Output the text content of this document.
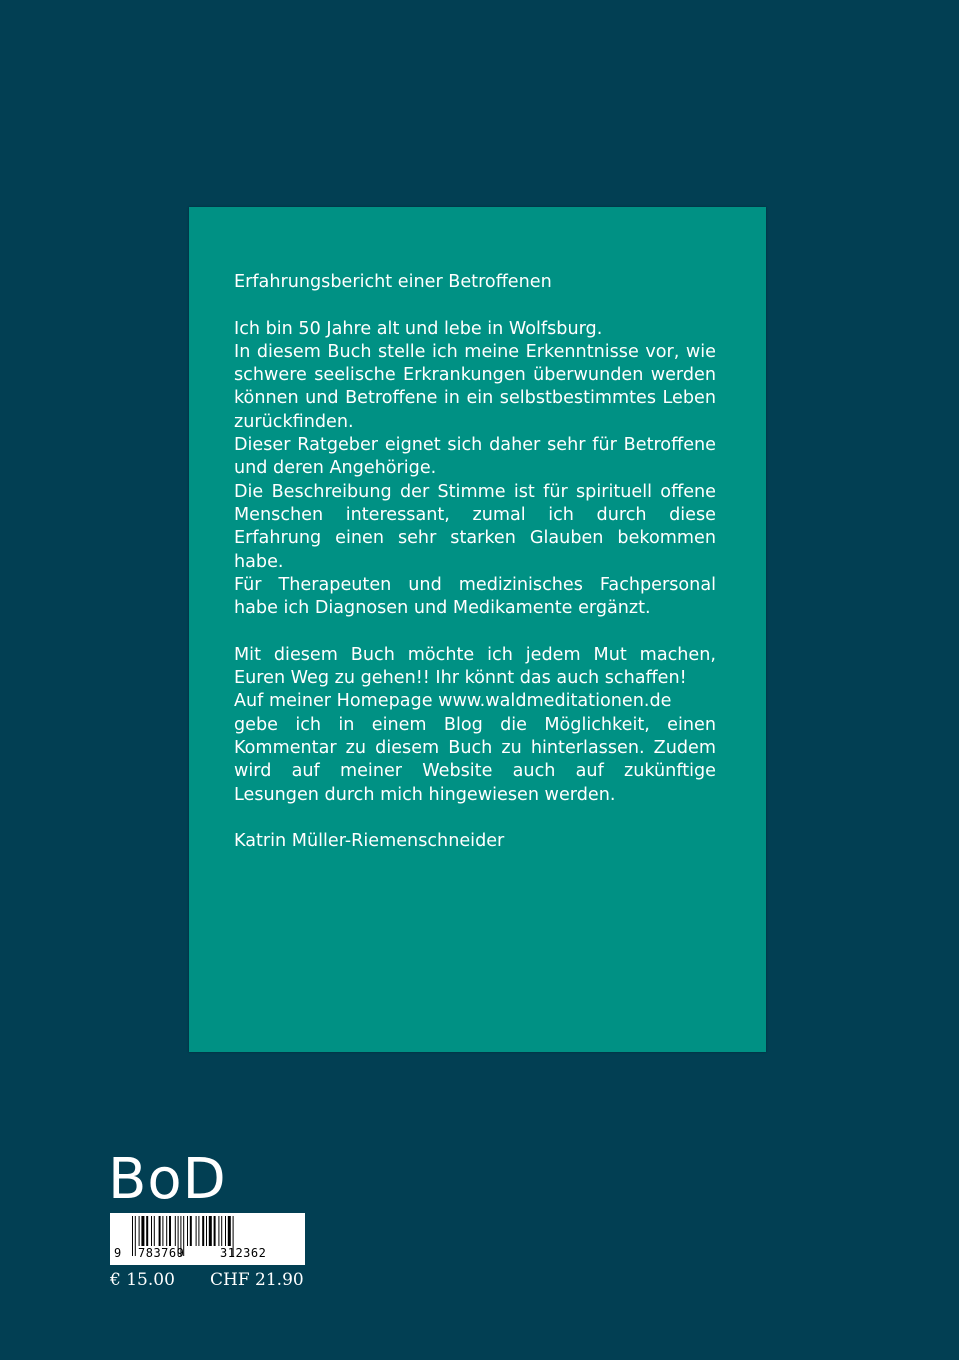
Erfahrungsbericht einer Betroffenen

Ich bin 50 Jahre alt und lebe in Wolfsburg.

In diesem Buch stelle ich meine Erkenntnisse vor, wie schwere seelische Erkrankungen überwunden werden können und Betroffene in ein selbstbestimmtes Leben zurückfinden.

Dieser Ratgeber eignet sich daher sehr für Betroffene und deren Angehörige.

Die Beschreibung der Stimme ist für spirituell offene Menschen interessant, zumal ich durch diese Erfahrung einen sehr starken Glauben bekommen habe.

Für Therapeuten und medizinisches Fachpersonal habe ich Diagnosen und Medikamente ergänzt.

Mit diesem Buch möchte ich jedem Mut machen, Euren Weg zu gehen!! Ihr könnt das auch schaffen!

Auf meiner Homepage www.waldmeditationen.de

gebe ich in einem Blog die Möglichkeit, einen Kommentar zu diesem Buch zu hinterlassen. Zudem wird auf meiner Website auch auf zukünftige Lesungen durch mich hingewiesen werden.

Katrin Müller-Riemenschneider

BoD
9 783769	312362
€ 15.00 CHF 21.90
